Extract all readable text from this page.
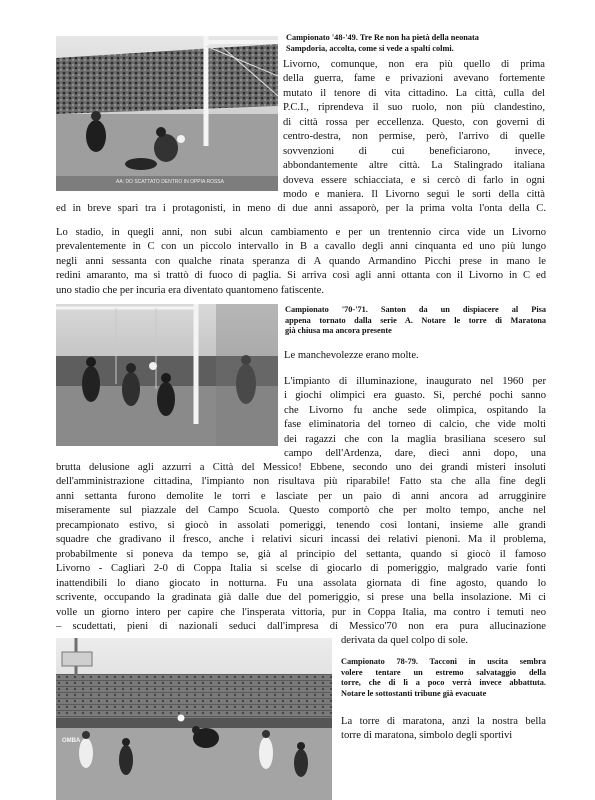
AA: DO SCATTATO DENTRO IN OPPIA ROSSA
Campionato '48-'49. Tre Re non ha pietà della neonata
Sampdoria, accolta, come si vede a spalti colmi.
Livorno, comunque, non era più quello di prima
della guerra, fame e privazioni avevano fortemente
mutato il tenore di vita cittadino. La città, culla del
P.C.I., riprendeva il suo ruolo, non più clandestino,
di città rossa per eccellenza. Questo, con governi di
centro-destra, non permise, però, l'arrivo di quelle
sovvenzioni di cui beneficiarono, invece,
abbondantemente altre città. La Stalingrado italiana
doveva essere schiacciata, e si cercò di farlo in ogni
modo e maniera. Il Livorno seguì le sorti della città
ed in breve sparì tra i protagonisti, in meno di due anni assaporò, per la prima volta l'onta della C.
Lo stadio, in quegli anni, non subì alcun cambiamento e per un trentennio circa vide un Livorno
prevalentemente in C con un piccolo intervallo in B a cavallo degli anni cinquanta ed uno più lungo
negli anni sessanta con qualche rinata speranza di A quando Armandino Picchi prese in mano le
redini amaranto, ma si trattò di fuoco di paglia. Si arriva così agli anni ottanta con il Livorno in C ed
uno stadio che per incuria era diventato quantomeno fatiscente.
Campionato '70-'71. Santon da un dispiacere al Pisa
appena tornato dalla serie A. Notare le torre di Maratona
già chiusa ma ancora presente
Le manchevolezze erano molte.
L'impianto di illuminazione, inaugurato nel 1960 per
i giochi olimpici era guasto. Sì, perché pochi sanno
che Livorno fu anche sede olimpica, ospitando la
fase eliminatoria del torneo di calcio, che vide molti
dei ragazzi che con la maglia brasiliana scesero sul
campo dell'Ardenza, dare, dieci anni dopo, una
brutta delusione agli azzurri a Città del Messico! Ebbene, secondo uno dei grandi misteri insoluti
dell'amministrazione cittadina, l'impianto non risultava più riparabile! Fatto sta che alla fine degli
anni settanta furono demolite le torri e lasciate per un paio di anni ancora ad arrugginire
miseramente sul piazzale del Campo Scuola. Questo comportò che per molto tempo, anche nel
precampionato estivo, si giocò in assolati pomeriggi, tenendo così lontani, insieme alle grandi
squadre che gradivano il fresco, anche i relativi sicuri incassi dei relativi pienoni. Ma il problema,
probabilmente si poneva da tempo se, già al principio del settanta, quando si giocò il famoso
Livorno - Cagliari 2-0 di Coppa Italia si scelse di giocarlo di pomeriggio, malgrado varie fonti
inattendibili lo diano giocato in notturna. Fu una assolata giornata di fine agosto, quando lo
scrivente, occupando la gradinata già dalle due del pomeriggio, si prese una bella insolazione. Mi ci
volle un giorno intero per capire che l'insperata vittoria, pur in Coppa Italia, ma contro i temuti neo
– scudettati, pieni di nazionali seduci dall'impresa di Messico'70 non era pura allucinazione
derivata da quel colpo di sole.
OMBA
Campionato 78-79. Tacconi in uscita sembra
volere tentare un estremo salvataggio della
torre, che di lì a poco verrà invece abbattuta.
Notare le sottostanti tribune già evacuate
La torre di maratona, anzi la nostra bella
torre di maratona, simbolo degli sportivi
